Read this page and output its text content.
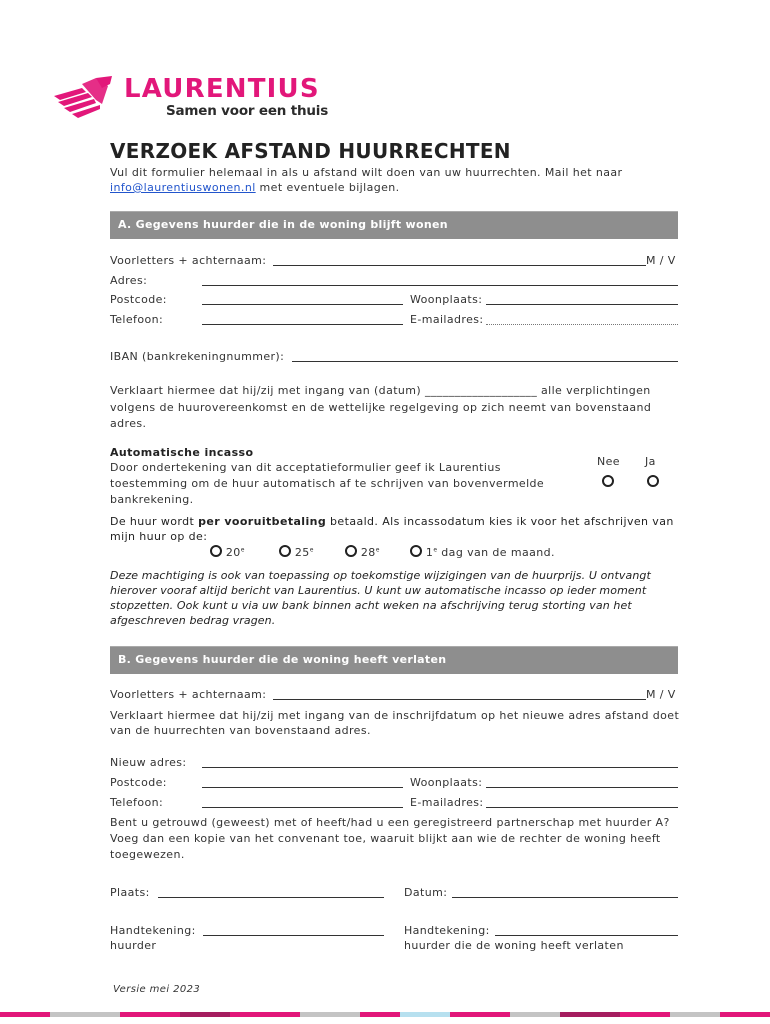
LAURENTIUS
Samen voor een thuis
VERZOEK AFSTAND HUURRECHTEN
Vul dit formulier helemaal in als u afstand wilt doen van uw huurrechten. Mail het naar
info@laurentiuswonen.nl met eventuele bijlagen.
A. Gegevens huurder die in de woning blijft wonen
Voorletters + achternaam:	M / V
Adres:
Postcode:	Woonplaats:
Telefoon:	E-mailadres:
IBAN (bankrekeningnummer):
Verklaart hiermee dat hij/zij met ingang van (datum) ___________________ alle verplichtingen
volgens de huurovereenkomst en de wettelijke regelgeving op zich neemt van bovenstaand
adres.
Automatische incasso
Door ondertekening van dit acceptatieformulier geef ik Laurentius
toestemming om de huur automatisch af te schrijven van bovenvermelde
bankrekening.
Nee Ja
De huur wordt per vooruitbetaling betaald. Als incassodatum kies ik voor het afschrijven van
mijn huur op de:
20e	25e	28e	1e dag van de maand.
Deze machtiging is ook van toepassing op toekomstige wijzigingen van de huurprijs. U ontvangt
hierover vooraf altijd bericht van Laurentius. U kunt uw automatische incasso op ieder moment
stopzetten. Ook kunt u via uw bank binnen acht weken na afschrijving terug storting van het
afgeschreven bedrag vragen.
B. Gegevens huurder die de woning heeft verlaten
Voorletters + achternaam:	M / V
Verklaart hiermee dat hij/zij met ingang van de inschrijfdatum op het nieuwe adres afstand doet
van de huurrechten van bovenstaand adres.
Nieuw adres:
Postcode:	Woonplaats:
Telefoon:	E-mailadres:
Bent u getrouwd (geweest) met of heeft/had u een geregistreerd partnerschap met huurder A?
Voeg dan een kopie van het convenant toe, waaruit blijkt aan wie de rechter de woning heeft
toegewezen.
Plaats:	Datum:
Handtekening:
huurder
Handtekening:
huurder die de woning heeft verlaten
Versie mei 2023
